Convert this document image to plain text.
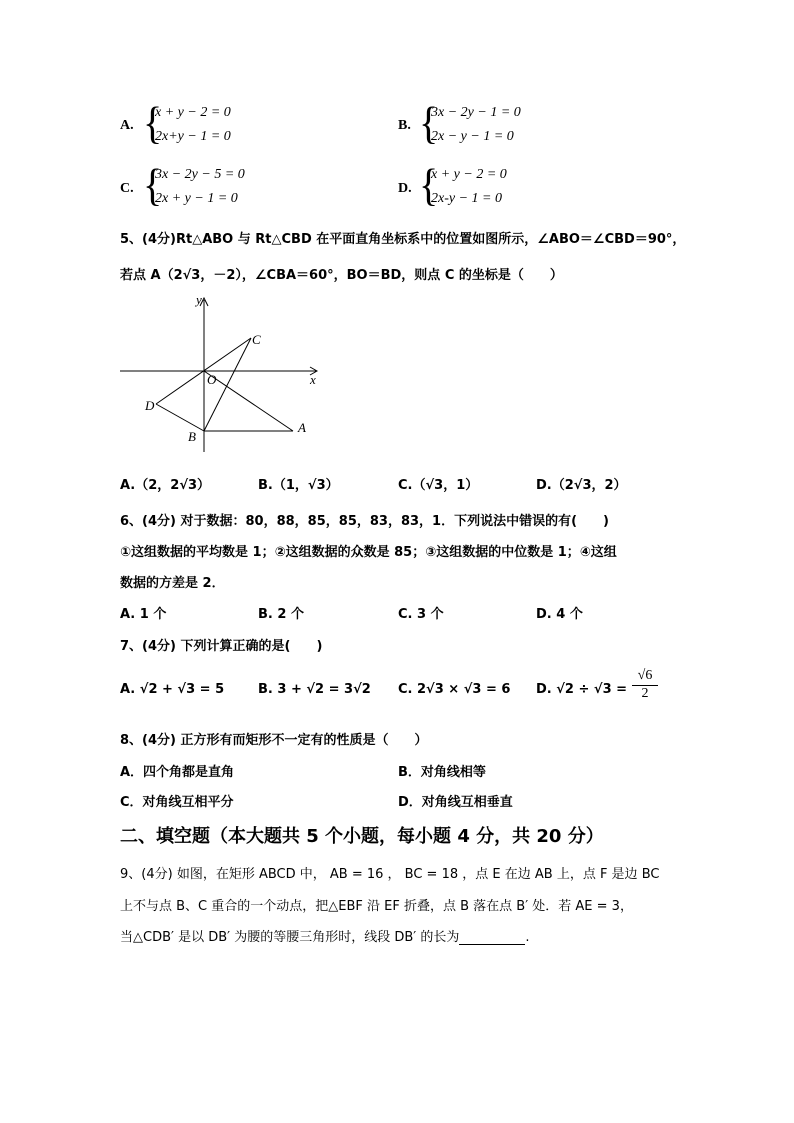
A. {
x + y − 2 = 0
2x+y − 1 = 0
B. {
3x − 2y − 1 = 0
2x − y − 1 = 0
C. {
3x − 2y − 5 = 0
2x + y − 1 = 0
D. {
x + y − 2 = 0
2x-y − 1 = 0
5、(4分)Rt△ABO 与 Rt△CBD 在平面直角坐标系中的位置如图所示，∠ABO＝∠CBD＝90°，
若点 A（2√3，－2），∠CBA＝60°，BO＝BD，则点 C 的坐标是（　　）
y
x
O
C
D
B
A
A.（2，2√3）	B.（1，√3）	C.（√3，1）	D.（2√3，2）
6、(4分) 对于数据：80，88，85，85，83，83，1．下列说法中错误的有(　　)
①这组数据的平均数是 1；②这组数据的众数是 85；③这组数据的中位数是 1；④这组
数据的方差是 2．
A. 1 个	B. 2 个	C. 3 个	D. 4 个
7、(4分) 下列计算正确的是(　　)
A. √2 + √3 = 5	B. 3 + √2 = 3√2 C. 2√3 × √3 = 6 D. $√2 \div √3 = \frac{√6}{2}$
8、(4分) 正方形有而矩形不一定有的性质是（　　）
A．四个角都是直角	B．对角线相等
C．对角线互相平分	D．对角线互相垂直
二、填空题（本大题共 5 个小题，每小题 4 分，共 20 分）
9、(4分) 如图，在矩形 ABCD 中， AB = 16 ， BC = 18 ，点 E 在边 AB 上，点 F 是边 BC
上不与点 B、C 重合的一个动点，把△EBF 沿 EF 折叠，点 B 落在点 B′ 处．若 AE = 3，
当△CDB′ 是以 DB′ 为腰的等腰三角形时，线段 DB′ 的长为	.
